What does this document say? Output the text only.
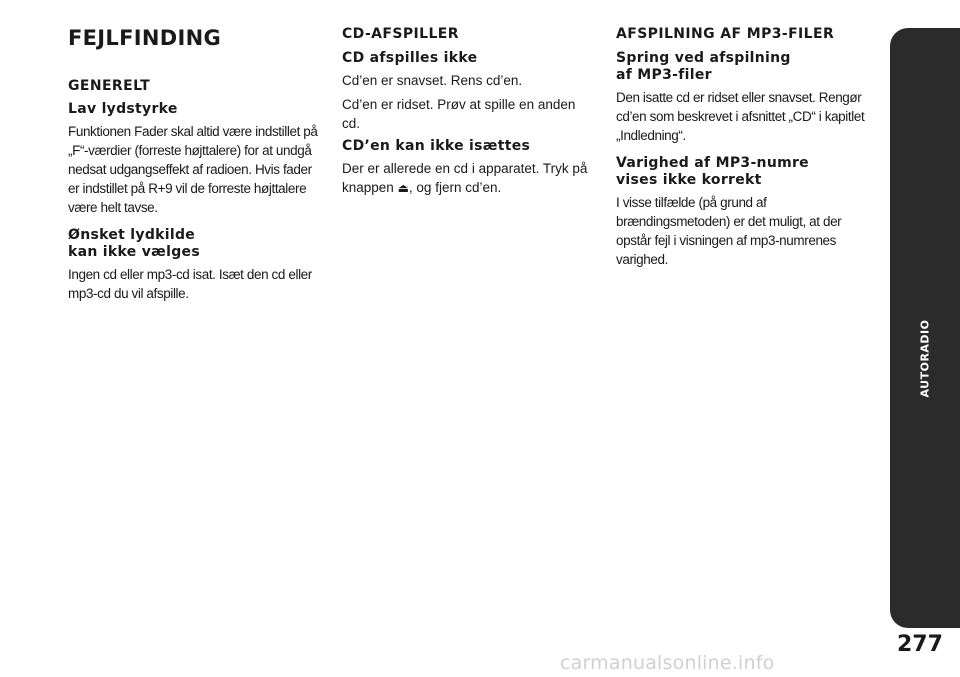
FEJLFINDING
GENERELT
Lav lydstyrke
Funktionen Fader skal altid være indstillet på „F“-værdier (forreste højttalere) for at undgå nedsat udgangseffekt af radioen. Hvis fader er indstillet på R+9 vil de forreste højttalere være helt tavse.
Ønsket lydkilde
kan ikke vælges
Ingen cd eller mp3-cd isat. Isæt den cd eller mp3-cd du vil afspille.
CD-AFSPILLER
CD afspilles ikke
Cd’en er snavset. Rens cd’en.
Cd’en er ridset. Prøv at spille en anden cd.
CD’en kan ikke isættes
Der er allerede en cd i apparatet. Tryk på knappen ⏏, og fjern cd’en.
AFSPILNING AF MP3-FILER
Spring ved afspilning
af MP3-filer
Den isatte cd er ridset eller snavset. Rengør cd’en som beskrevet i afsnittet „CD“ i kapitlet „Indledning“.
Varighed af MP3-numre
vises ikke korrekt
I visse tilfælde (på grund af brændingsmetoden) er det muligt, at der opstår fejl i visningen af mp3-numrenes varighed.
AUTORADIO
277
carmanualsonline.info
